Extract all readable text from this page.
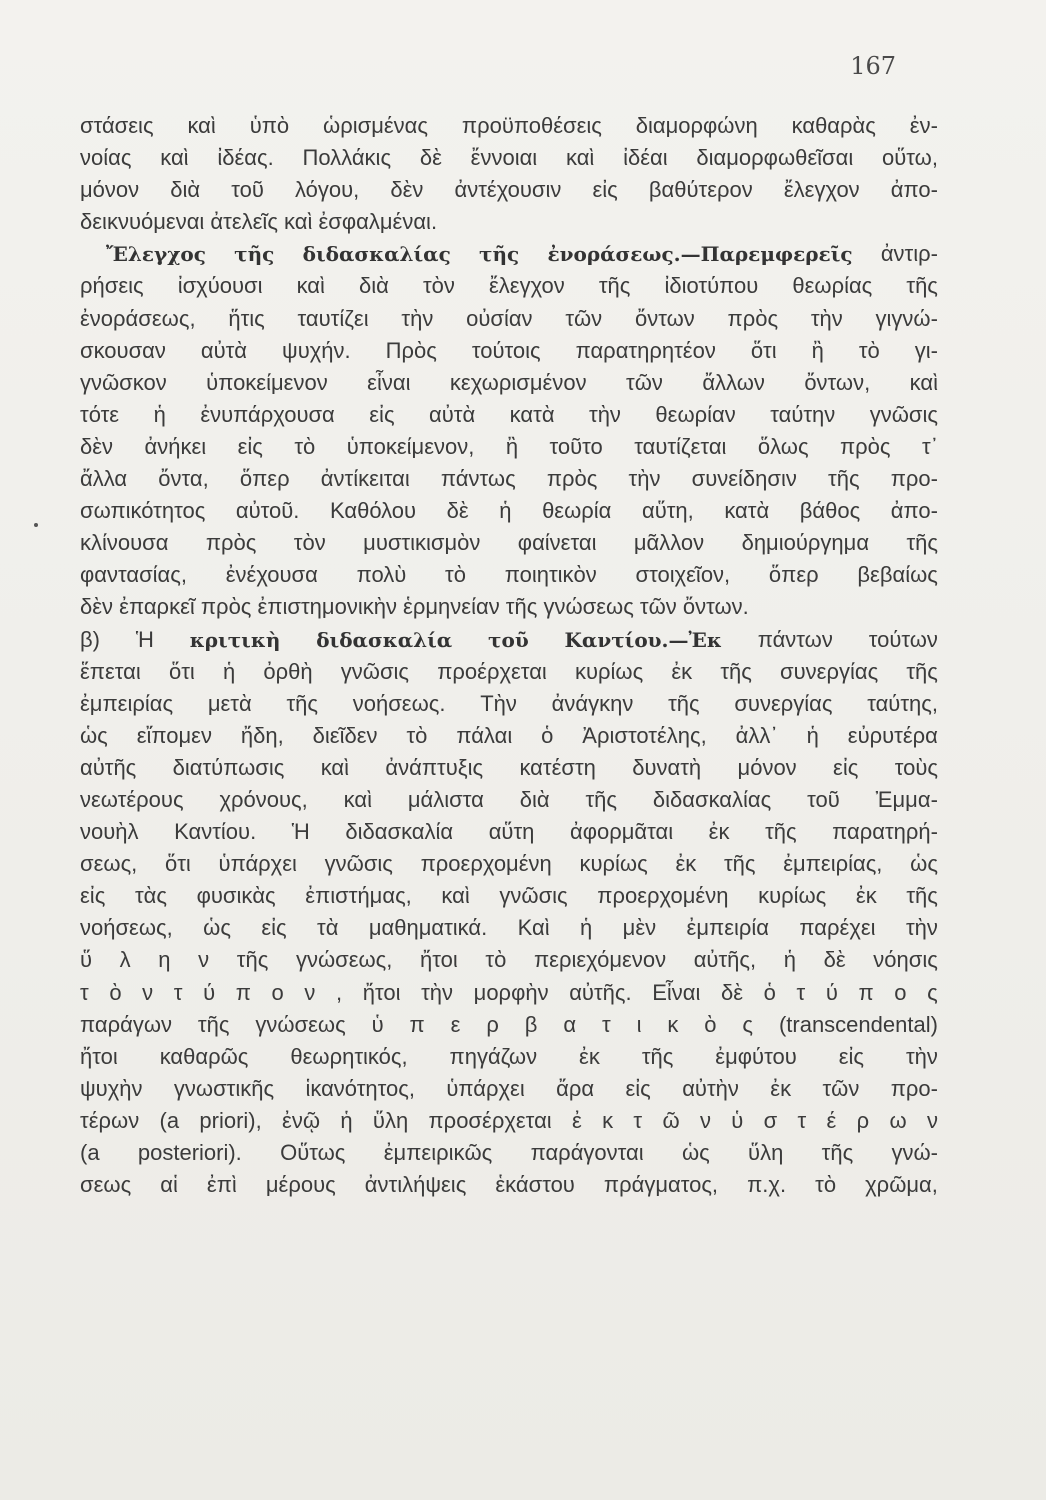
167
στάσεις καὶ ὑπὸ ὡρισμένας προϋποθέσεις διαμορφώνη καθαρὰς ἐν-
νοίας καὶ ἰδέας. Πολλάκις δὲ ἔννοιαι καὶ ἰδέαι διαμορφωθεῖσαι οὕτω,
μόνον διὰ τοῦ λόγου, δὲν ἀντέχουσιν εἰς βαθύτερον ἔλεγχον ἀπο-
δεικνυόμεναι ἀτελεῖς καὶ ἐσφαλμέναι.
Ἔλεγχος τῆς διδασκαλίας τῆς ἐνοράσεως.—Παρεμφερεῖς ἀντιρ-
ρήσεις ἰσχύουσι καὶ διὰ τὸν ἔλεγχον τῆς ἰδιοτύπου θεωρίας τῆς
ἐνοράσεως, ἥτις ταυτίζει τὴν οὐσίαν τῶν ὄντων πρὸς τὴν γιγνώ-
σκουσαν αὐτὰ ψυχήν. Πρὸς τούτοις παρατηρητέον ὅτι ἢ τὸ γι-
γνῶσκον ὑποκείμενον εἶναι κεχωρισμένον τῶν ἄλλων ὄντων, καὶ
τότε ἡ ἐνυπάρχουσα εἰς αὐτὰ κατὰ τὴν θεωρίαν ταύτην γνῶσις
δὲν ἀνήκει εἰς τὸ ὑποκείμενον, ἢ τοῦτο ταυτίζεται ὅλως πρὸς τ᾽
ἄλλα ὄντα, ὅπερ ἀντίκειται πάντως πρὸς τὴν συνείδησιν τῆς προ-
σωπικότητος αὐτοῦ. Καθόλου δὲ ἡ θεωρία αὕτη, κατὰ βάθος ἀπο-
κλίνουσα πρὸς τὸν μυστικισμὸν φαίνεται μᾶλλον δημιούργημα τῆς
φαντασίας, ἐνέχουσα πολὺ τὸ ποιητικὸν στοιχεῖον, ὅπερ βεβαίως
δὲν ἐπαρκεῖ πρὸς ἐπιστημονικὴν ἑρμηνείαν τῆς γνώσεως τῶν ὄντων.
β) Ἡ κριτικὴ διδασκαλία τοῦ Καντίου.—Ἐκ πάντων τούτων
ἕπεται ὅτι ἡ ὀρθὴ γνῶσις προέρχεται κυρίως ἐκ τῆς συνεργίας τῆς
ἐμπειρίας μετὰ τῆς νοήσεως. Τὴν ἀνάγκην τῆς συνεργίας ταύτης,
ὡς εἴπομεν ἤδη, διεῖδεν τὸ πάλαι ὁ Ἀριστοτέλης, ἀλλ᾽ ἡ εὐρυτέρα
αὐτῆς διατύπωσις καὶ ἀνάπτυξις κατέστη δυνατὴ μόνον εἰς τοὺς
νεωτέρους χρόνους, καὶ μάλιστα διὰ τῆς διδασκαλίας τοῦ Ἐμμα-
νουὴλ Καντίου. Ἡ διδασκαλία αὕτη ἀφορμᾶται ἐκ τῆς παρατηρή-
σεως, ὅτι ὑπάρχει γνῶσις προερχομένη κυρίως ἐκ τῆς ἐμπειρίας, ὡς
εἰς τὰς φυσικὰς ἐπιστήμας, καὶ γνῶσις προερχομένη κυρίως ἐκ τῆς
νοήσεως, ὡς εἰς τὰ μαθηματικά. Καὶ ἡ μὲν ἐμπειρία παρέχει τὴν
ὕ λ η ν τῆς γνώσεως, ἤτοι τὸ περιεχόμενον αὐτῆς, ἡ δὲ νόησις
τ ὸ ν τ ύ π ο ν , ἤτοι τὴν μορφὴν αὐτῆς. Εἶναι δὲ ὁ τ ύ π ο ς
παράγων τῆς γνώσεως ὑ π ε ρ β α τ ι κ ὸ ς (transcendental)
ἤτοι καθαρῶς θεωρητικός, πηγάζων ἐκ τῆς ἐμφύτου εἰς τὴν
ψυχὴν γνωστικῆς ἱκανότητος, ὑπάρχει ἄρα εἰς αὐτὴν ἐκ τῶν προ-
τέρων (a priori), ἐνῷ ἡ ὕλη προσέρχεται ἐ κ τ ῶ ν ὑ σ τ έ ρ ω ν
(a posteriori). Οὕτως ἐμπειρικῶς παράγονται ὡς ὕλη τῆς γνώ-
σεως αἱ ἐπὶ μέρους ἀντιλήψεις ἑκάστου πράγματος, π.χ. τὸ χρῶμα,
